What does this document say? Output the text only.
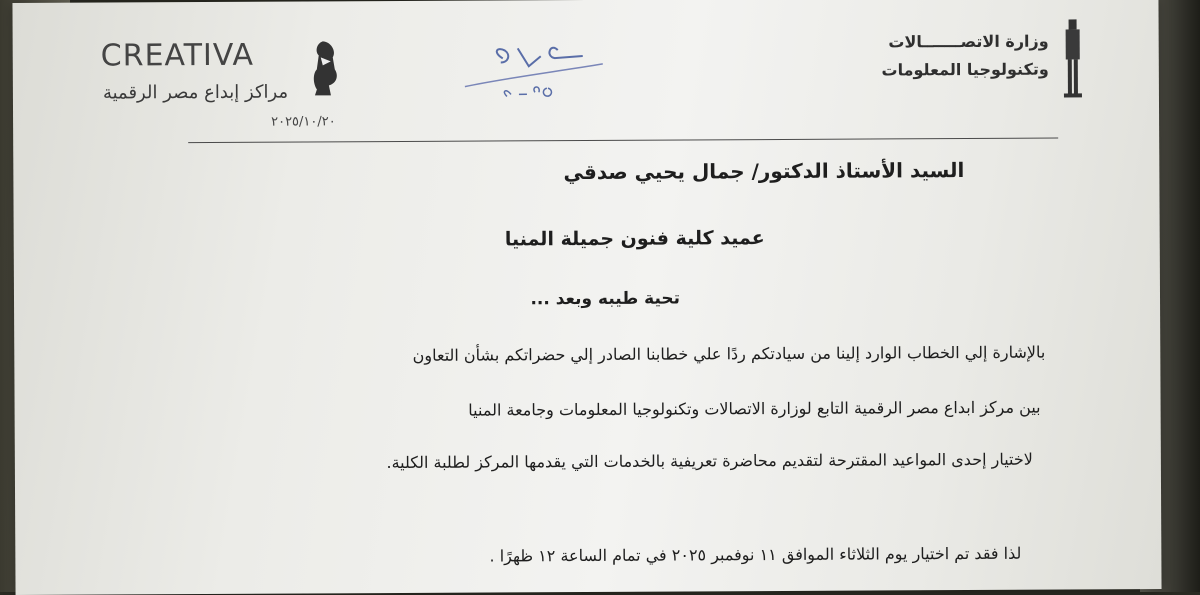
CREATIVA
مراكز إبداع مصر الرقمية
٢٠٢٥/١٠/٢٠
وزارة الاتصـــــــالات
وتكنولوجيا المعلومات
السيد الأستاذ الدكتور/ جمال يحيي صدقي
عميد كلية فنون جميلة المنيا
تحية طيبه وبعد ...
بالإشارة إلي الخطاب الوارد إلينا من سيادتكم ردًا علي خطابنا الصادر إلي حضراتكم بشأن التعاون
بين مركز ابداع مصر الرقمية التابع لوزارة الاتصالات وتكنولوجيا المعلومات وجامعة المنيا
لاختيار إحدى المواعيد المقترحة لتقديم محاضرة تعريفية بالخدمات التي يقدمها المركز لطلبة الكلية.
لذا فقد تم اختيار يوم الثلاثاء الموافق ١١ نوفمبر ٢٠٢٥ في تمام الساعة ١٢ ظهرًا .
